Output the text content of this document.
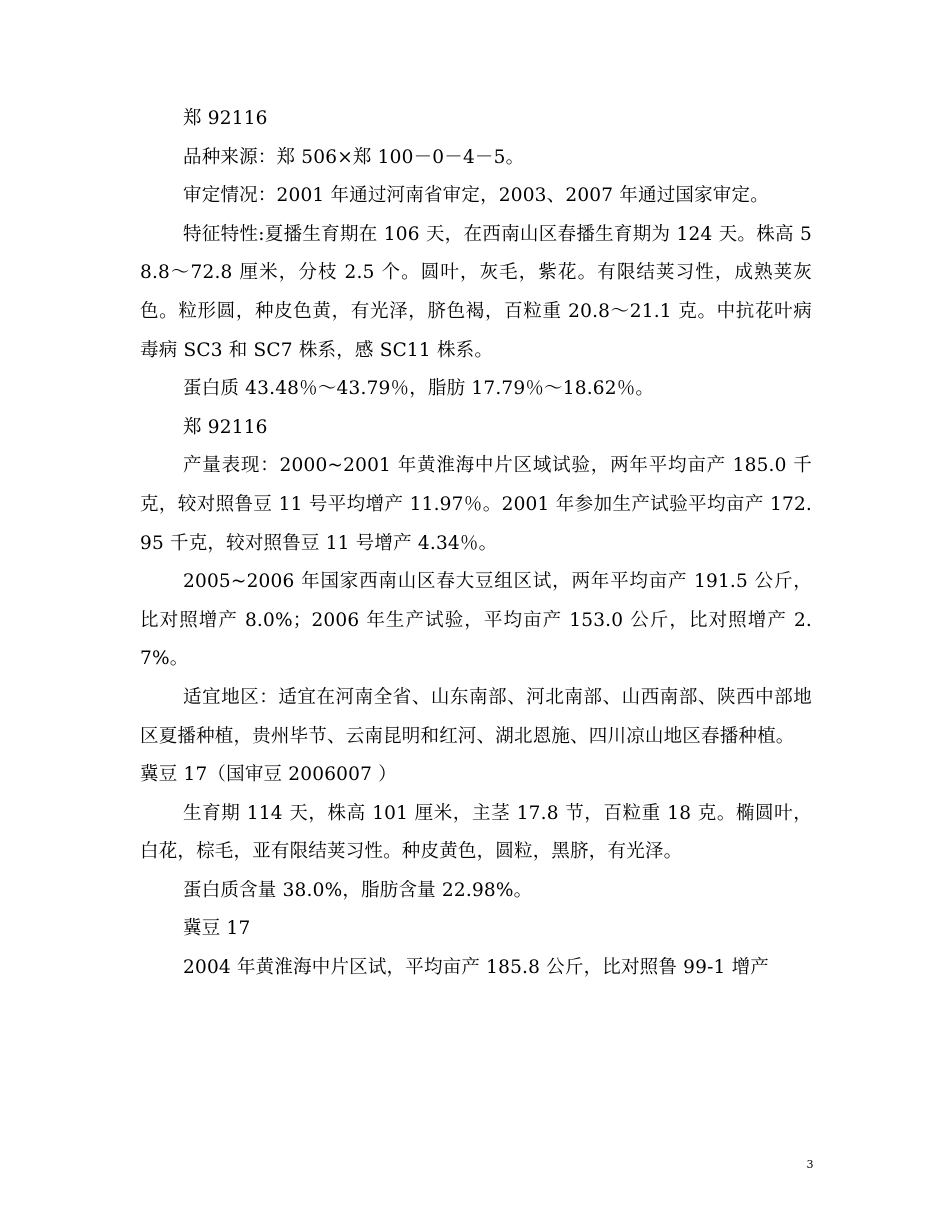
郑 92116

品种来源：郑 506×郑 100－0－4－5。

审定情况：2001 年通过河南省审定，2003、2007 年通过国家审定。

特征特性:夏播生育期在 106 天，在西南山区春播生育期为 124 天。株高 58.8～72.8 厘米，分枝 2.5 个。圆叶，灰毛，紫花。有限结荚习性，成熟荚灰色。粒形圆，种皮色黄，有光泽，脐色褐，百粒重 20.8～21.1 克。中抗花叶病毒病 SC3 和 SC7 株系，感 SC11 株系。

蛋白质 43.48％～43.79％，脂肪 17.79％～18.62％。

郑 92116

产量表现：2000~2001 年黄淮海中片区域试验，两年平均亩产 185.0 千克，较对照鲁豆 11 号平均增产 11.97％。2001 年参加生产试验平均亩产 172.95 千克，较对照鲁豆 11 号增产 4.34％。

2005~2006 年国家西南山区春大豆组区试，两年平均亩产 191.5 公斤，比对照增产 8.0%；2006 年生产试验，平均亩产 153.0 公斤，比对照增产 2.7%。

适宜地区：适宜在河南全省、山东南部、河北南部、山西南部、陕西中部地区夏播种植，贵州毕节、云南昆明和红河、湖北恩施、四川凉山地区春播种植。

冀豆 17（国审豆 2006007 ）

生育期 114 天，株高 101 厘米，主茎 17.8 节，百粒重 18 克。椭圆叶，白花，棕毛，亚有限结荚习性。种皮黄色，圆粒，黑脐，有光泽。

蛋白质含量 38.0%，脂肪含量 22.98%。

冀豆 17

2004 年黄淮海中片区试，平均亩产 185.8 公斤，比对照鲁 99-1 增产

3
